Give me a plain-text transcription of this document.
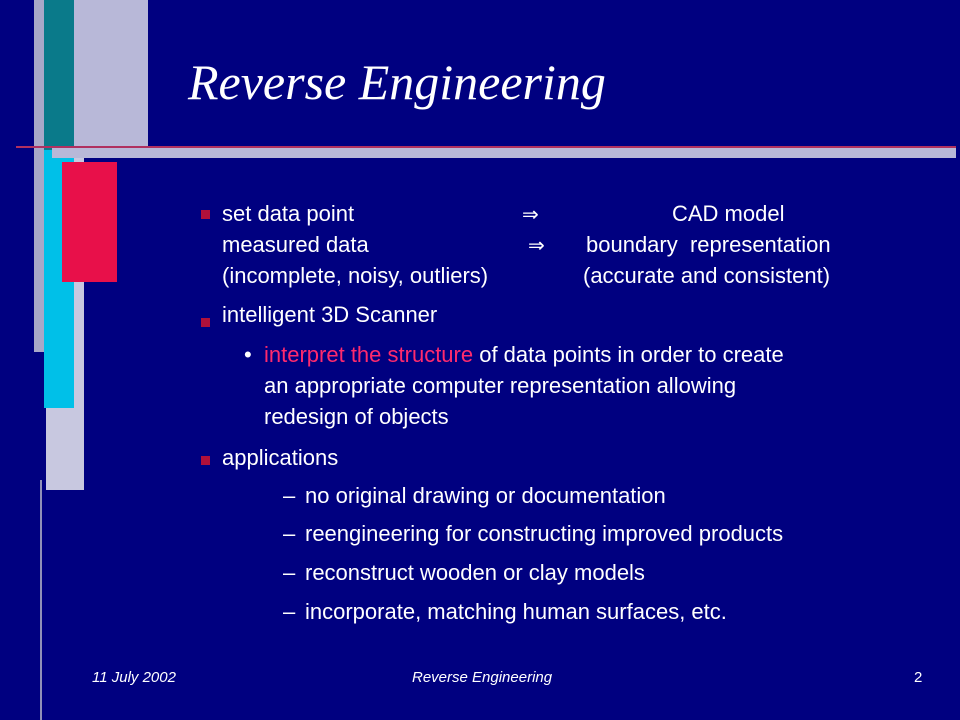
Reverse Engineering
set data point	⇒	CAD model
measured data	⇒ boundary  representation
(incomplete, noisy, outliers)	(accurate and consistent)
intelligent 3D Scanner
• interpret the structure of data points in order to create
an appropriate computer representation allowing
redesign of objects
applications
– no original drawing or documentation
– reengineering for constructing improved products
– reconstruct wooden or clay models
– incorporate, matching human surfaces, etc.
11 July 2002	Reverse Engineering	2
